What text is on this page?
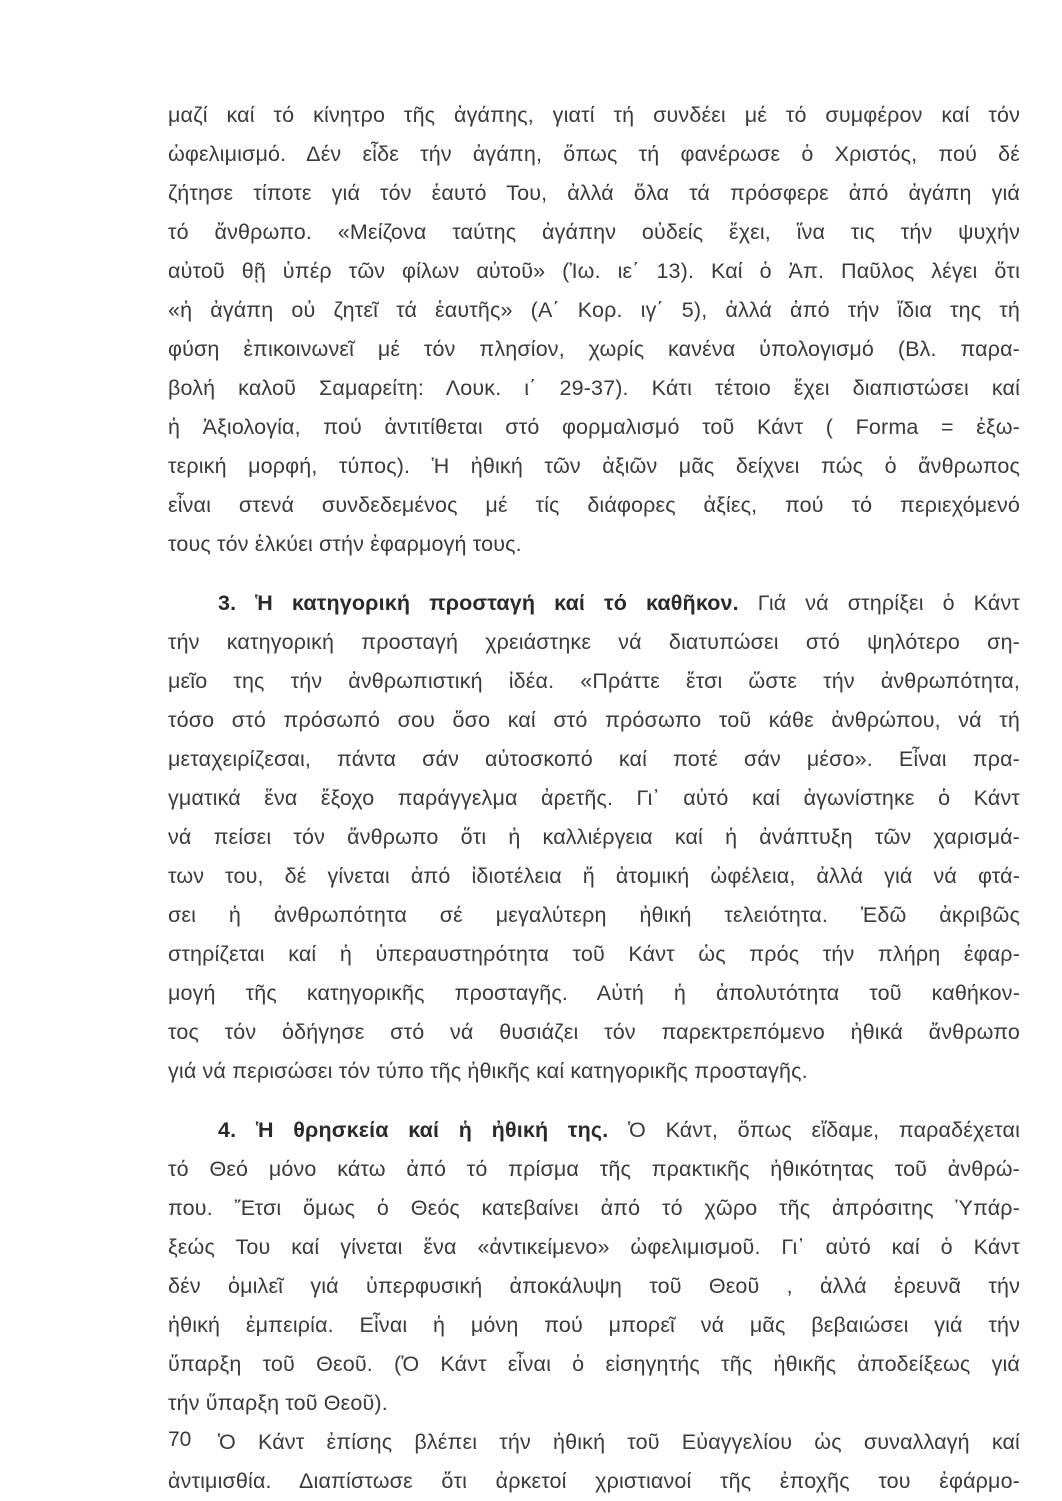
μαζί καί τό κίνητρο τῆς ἀγάπης, γιατί τή συνδέει μέ τό συμφέρον καί τόν
ὠφελιμισμό. Δέν εἶδε τήν ἀγάπη, ὅπως τή φανέρωσε ὁ Χριστός, πού δέ
ζήτησε τίποτε γιά τόν ἑαυτό Του, ἀλλά ὅλα τά πρόσφερε ἀπό ἀγάπη γιά
τό ἄνθρωπο. «Μείζονα ταύτης ἀγάπην οὐδείς ἔχει, ἵνα τις τήν ψυχήν
αὐτοῦ θῇ ὑπέρ τῶν φίλων αὐτοῦ» (Ἰω. ιε΄ 13). Καί ὁ Ἀπ. Παῦλος λέγει ὅτι
«ἡ ἀγάπη οὐ ζητεῖ τά ἑαυτῆς» (Α΄ Κορ. ιγ΄ 5), ἀλλά ἀπό τήν ἴδια της τή
φύση ἐπικοινωνεῖ μέ τόν πλησίον, χωρίς κανένα ὑπολογισμό (Βλ. παρα-
βολή καλοῦ Σαμαρείτη: Λουκ. ι΄ 29-37). Κάτι τέτοιο ἔχει διαπιστώσει καί
ἡ Ἀξιολογία, πού ἀντιτίθεται στό φορμαλισμό τοῦ Κάντ ( Forma = ἐξω-
τερική μορφή, τύπος). Ἡ ἠθική τῶν ἀξιῶν μᾶς δείχνει πώς ὁ ἄνθρωπος
εἶναι στενά συνδεδεμένος μέ τίς διάφορες ἀξίες, πού τό περιεχόμενό
τους τόν ἑλκύει στήν ἐφαρμογή τους.
3. Ἡ κατηγορική προσταγή καί τό καθῆκον. Γιά νά στηρίξει ὁ Κάντ
τήν κατηγορική προσταγή χρειάστηκε νά διατυπώσει στό ψηλότερο ση-
μεῖο της τήν ἀνθρωπιστική ἰδέα. «Πράττε ἔτσι ὥστε τήν ἀνθρωπότητα,
τόσο στό πρόσωπό σου ὅσο καί στό πρόσωπο τοῦ κάθε ἀνθρώπου, νά τή
μεταχειρίζεσαι, πάντα σάν αὐτοσκοπό καί ποτέ σάν μέσο». Εἶναι πρα-
γματικά ἕνα ἔξοχο παράγγελμα ἀρετῆς. Γι᾿ αὐτό καί ἀγωνίστηκε ὁ Κάντ
νά πείσει τόν ἄνθρωπο ὅτι ἡ καλλιέργεια καί ἡ ἀνάπτυξη τῶν χαρισμά-
των του, δέ γίνεται ἀπό ἰδιοτέλεια ἤ ἀτομική ὠφέλεια, ἀλλά γιά νά φτά-
σει ἡ ἀνθρωπότητα σέ μεγαλύτερη ἠθική τελειότητα. Ἐδῶ ἀκριβῶς
στηρίζεται καί ἡ ὑπεραυστηρότητα τοῦ Κάντ ὡς πρός τήν πλήρη ἐφαρ-
μογή τῆς κατηγορικῆς προσταγῆς. Αὐτή ἡ ἀπολυτότητα τοῦ καθήκον-
τος τόν ὁδήγησε στό νά θυσιάζει τόν παρεκτρεπόμενο ἠθικά ἄνθρωπο
γιά νά περισώσει τόν τύπο τῆς ἠθικῆς καί κατηγορικῆς προσταγῆς.
4. Ἡ θρησκεία καί ἡ ἠθική της. Ὁ Κάντ, ὅπως εἴδαμε, παραδέχεται
τό Θεό μόνο κάτω ἀπό τό πρίσμα τῆς πρακτικῆς ἠθικότητας τοῦ ἀνθρώ-
που. Ἔτσι ὅμως ὁ Θεός κατεβαίνει ἀπό τό χῶρο τῆς ἀπρόσιτης Ὑπάρ-
ξεώς Του καί γίνεται ἕνα «ἀντικείμενο» ὠφελιμισμοῦ. Γι᾿ αὐτό καί ὁ Κάντ
δέν ὁμιλεῖ γιά ὑπερφυσική ἀποκάλυψη τοῦ Θεοῦ , ἀλλά ἐρευνᾶ τήν
ἠθική ἐμπειρία. Εἶναι ἡ μόνη πού μπορεῖ νά μᾶς βεβαιώσει γιά τήν
ὕπαρξη τοῦ Θεοῦ. (Ὁ Κάντ εἶναι ὁ εἰσηγητής τῆς ἠθικῆς ἀποδείξεως γιά
τήν ὕπαρξη τοῦ Θεοῦ).
Ὁ Κάντ ἐπίσης βλέπει τήν ἠθική τοῦ Εὐαγγελίου ὡς συναλλαγή καί
ἀντιμισθία. Διαπίστωσε ὅτι ἀρκετοί χριστιανοί τῆς ἐποχῆς του ἐφάρμο-
70
